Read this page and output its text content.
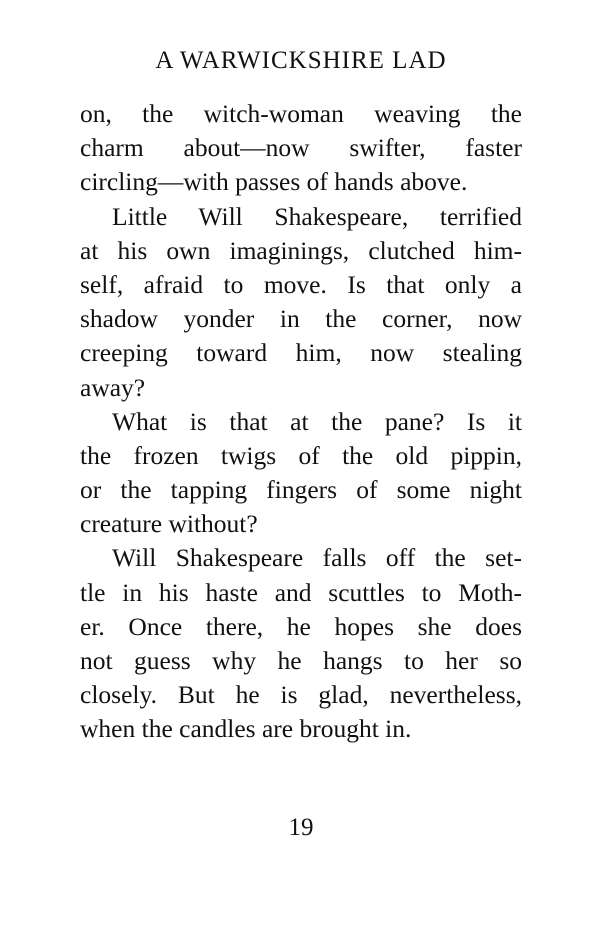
A WARWICKSHIRE LAD
on, the witch-woman weaving the
charm about—now swifter, faster
circling—with passes of hands above.
Little Will Shakespeare, terrified
at his own imaginings, clutched him-
self, afraid to move. Is that only a
shadow yonder in the corner, now
creeping toward him, now stealing
away?
What is that at the pane? Is it
the frozen twigs of the old pippin,
or the tapping fingers of some night
creature without?
Will Shakespeare falls off the set-
tle in his haste and scuttles to Moth-
er. Once there, he hopes she does
not guess why he hangs to her so
closely. But he is glad, nevertheless,
when the candles are brought in.
19
